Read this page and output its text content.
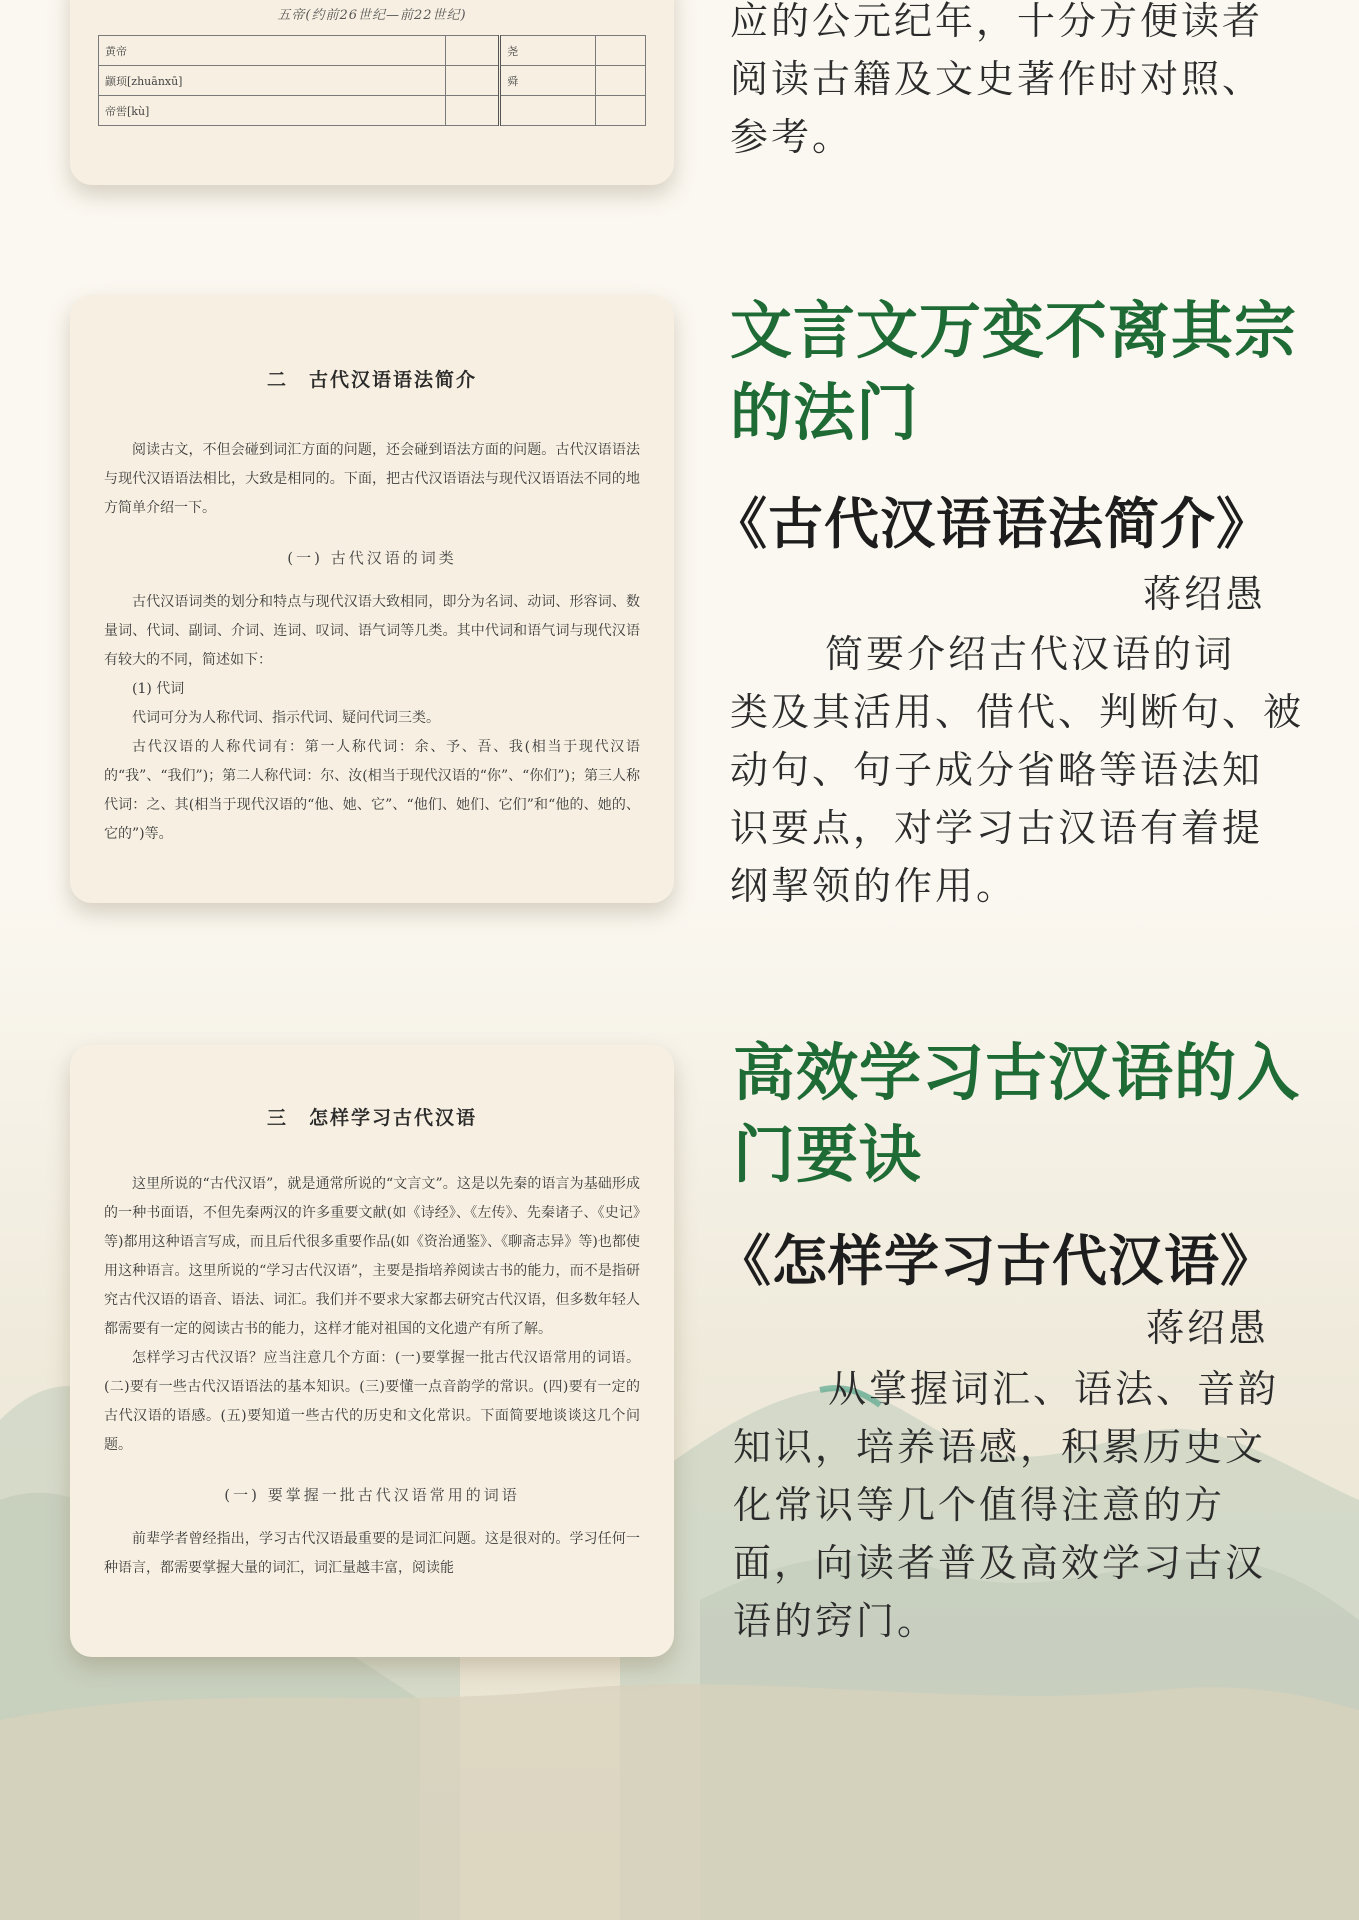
五帝(约前26世纪—前22世纪)
黄帝		尧	
颛顼[zhuānxū]		舜	
帝喾[kù]			
应的公元纪年，十分方便读者
阅读古籍及文史著作时对照、
参考。
二　古代汉语语法简介

阅读古文，不但会碰到词汇方面的问题，还会碰到语法方面的问题。古代汉语语法与现代汉语语法相比，大致是相同的。下面，把古代汉语语法与现代汉语语法不同的地方简单介绍一下。

(一) 古代汉语的词类

古代汉语词类的划分和特点与现代汉语大致相同，即分为名词、动词、形容词、数量词、代词、副词、介词、连词、叹词、语气词等几类。其中代词和语气词与现代汉语有较大的不同，简述如下：

(1) 代词

代词可分为人称代词、指示代词、疑问代词三类。

古代汉语的人称代词有：第一人称代词：余、予、吾、我(相当于现代汉语的“我”、“我们”)；第二人称代词：尔、汝(相当于现代汉语的“你”、“你们”)；第三人称代词：之、其(相当于现代汉语的“他、她、它”、“他们、她们、它们”和“他的、她的、它的”)等。

文言文万变不离其宗
的法门
《古代汉语语法简介》
蒋绍愚
简要介绍古代汉语的词
类及其活用、借代、判断句、被
动句、句子成分省略等语法知
识要点，对学习古汉语有着提
纲挈领的作用。
三　怎样学习古代汉语

这里所说的“古代汉语”，就是通常所说的“文言文”。这是以先秦的语言为基础形成的一种书面语，不但先秦两汉的许多重要文献(如《诗经》、《左传》、先秦诸子、《史记》等)都用这种语言写成，而且后代很多重要作品(如《资治通鉴》、《聊斋志异》等)也都使用这种语言。这里所说的“学习古代汉语”，主要是指培养阅读古书的能力，而不是指研究古代汉语的语音、语法、词汇。我们并不要求大家都去研究古代汉语，但多数年轻人都需要有一定的阅读古书的能力，这样才能对祖国的文化遗产有所了解。

怎样学习古代汉语？应当注意几个方面：(一)要掌握一批古代汉语常用的词语。(二)要有一些古代汉语语法的基本知识。(三)要懂一点音韵学的常识。(四)要有一定的古代汉语的语感。(五)要知道一些古代的历史和文化常识。下面简要地谈谈这几个问题。

(一) 要掌握一批古代汉语常用的词语

前辈学者曾经指出，学习古代汉语最重要的是词汇问题。这是很对的。学习任何一种语言，都需要掌握大量的词汇，词汇量越丰富，阅读能

高效学习古汉语的入
门要诀
《怎样学习古代汉语》
蒋绍愚
从掌握词汇、语法、音韵
知识，培养语感，积累历史文
化常识等几个值得注意的方
面，向读者普及高效学习古汉
语的窍门。
